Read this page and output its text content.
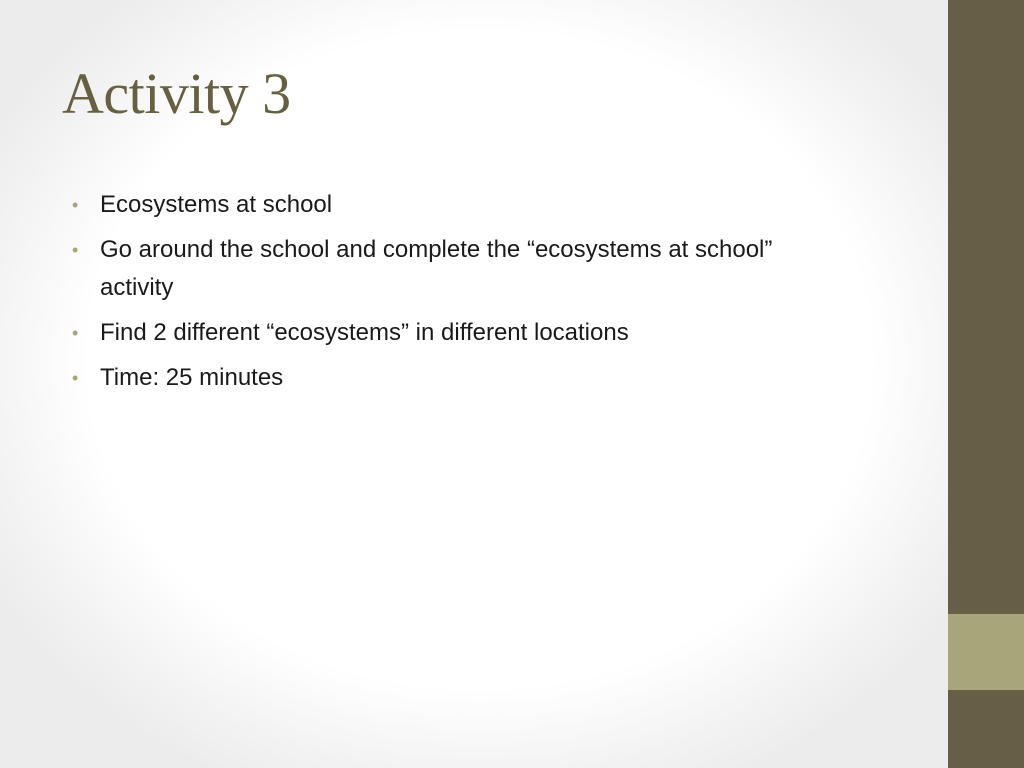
Activity 3
• Ecosystems at school
• Go around the school and complete the “ecosystems at school” activity
• Find 2 different “ecosystems” in different locations
• Time: 25 minutes
